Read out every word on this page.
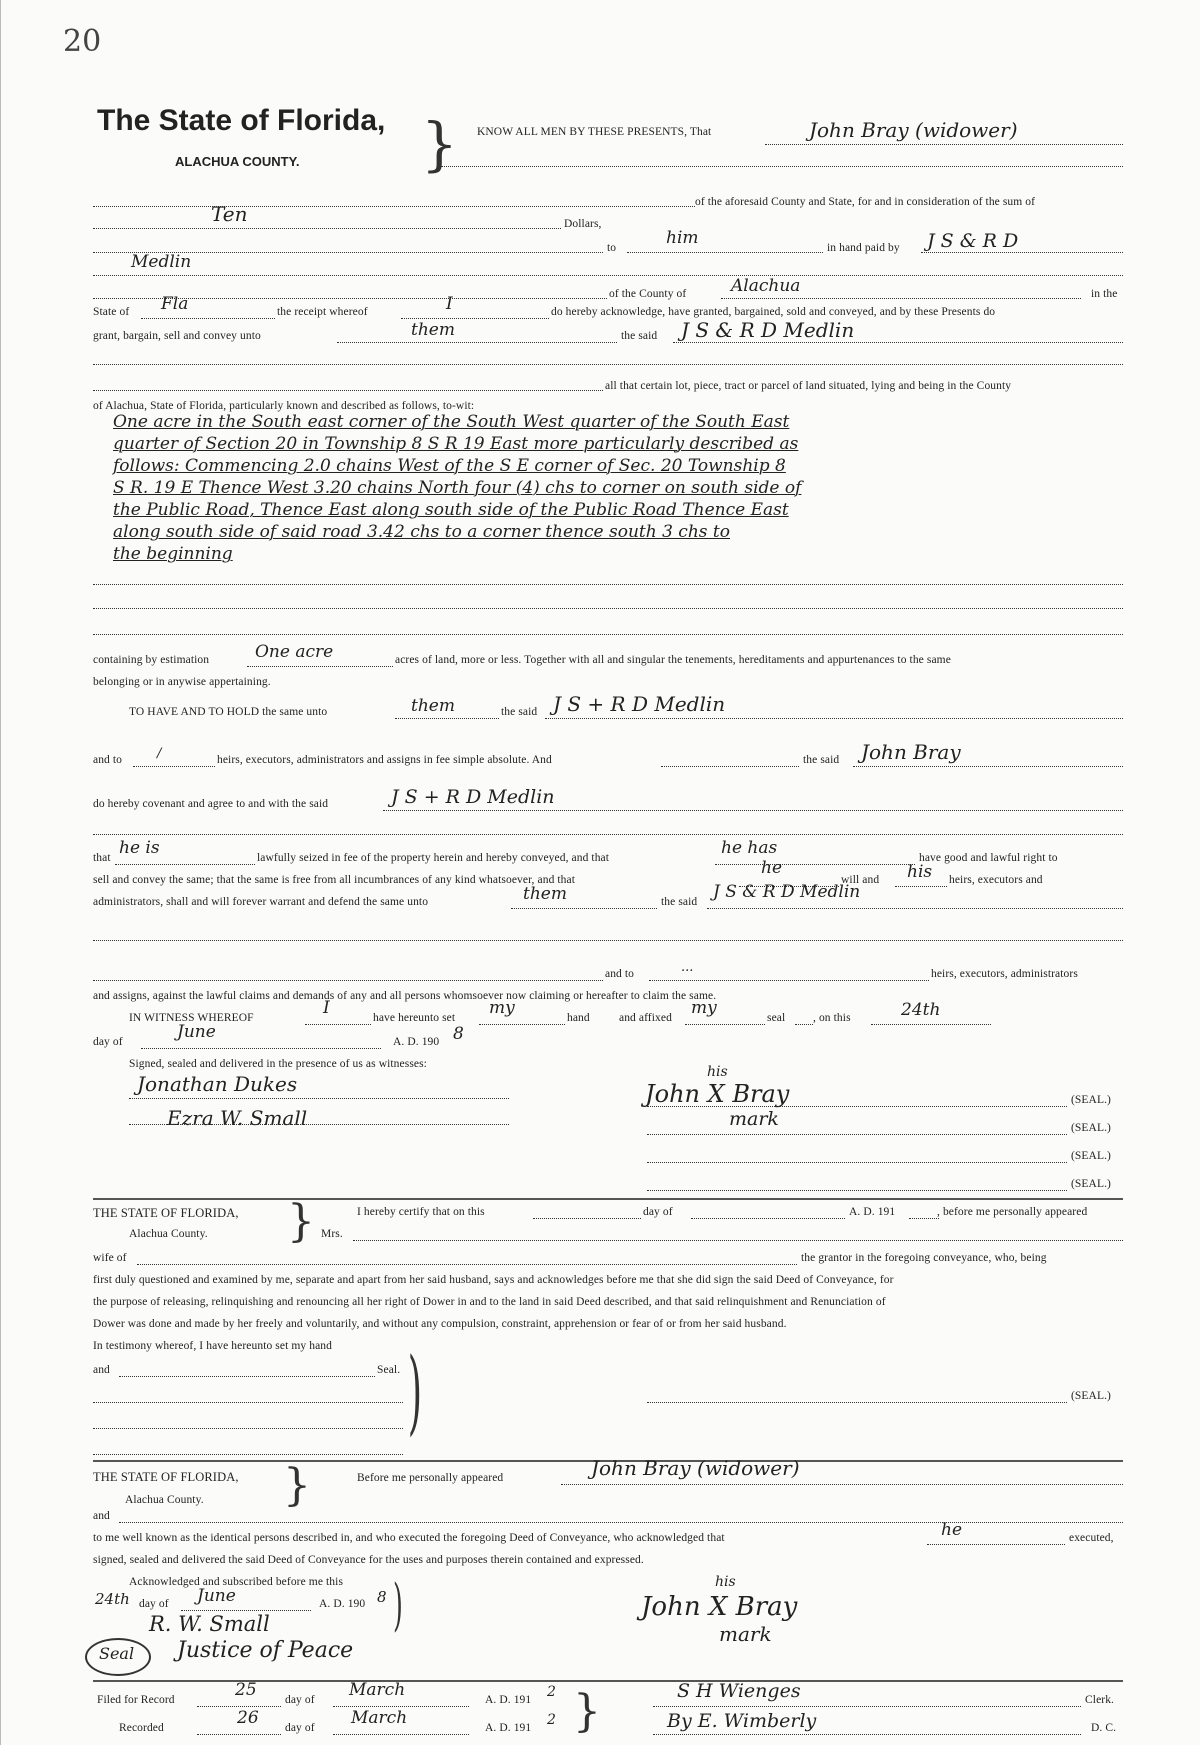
20
The State of Florida,
ALACHUA COUNTY. } KNOW ALL MEN BY THESE PRESENTS, That	John Bray (widower)
of the aforesaid County and State, for and in consideration of the sum of
Ten	Dollars,
to	him	in hand paid by J S & R D
Medlin
of the County of	Alachua	in the
State of Fla	the receipt whereof	I	do hereby acknowledge, have granted, bargained, sold and conveyed, and by these Presents do
grant, bargain, sell and convey unto	them	the said J S & R D Medlin
all that certain lot, piece, tract or parcel of land situated, lying and being in the County
of Alachua, State of Florida, particularly known and described as follows, to-wit:
One acre in the South east corner of the South West quarter of the South East
quarter of Section 20 in Township 8 S R 19 East more particularly described as
follows: Commencing 2.0 chains West of the S E corner of Sec. 20 Township 8
S R. 19 E Thence West 3.20 chains North four (4) chs to corner on south side of
the Public Road, Thence East along south side of the Public Road Thence East
along south side of said road 3.42 chs to a corner thence south 3 chs to
the beginning
containing by estimation	One acre	acres of land, more or less. Together with all and singular the tenements, hereditaments and appurtenances to the same
belonging or in anywise appertaining.
TO HAVE AND TO HOLD the same unto	them	the said J S + R D Medlin
and to	/	heirs, executors, administrators and assigns in fee simple absolute. And	the said John Bray
do hereby covenant and agree to and with the said	J S + R D Medlin
that he is	lawfully seized in fee of the property herein and hereby conveyed, and that	he has	have good and lawful right to
sell and convey the same; that the same is free from all incumbrances of any kind whatsoever, and that
he
will and his heirs, executors and
administrators, shall and will forever warrant and defend the same unto	them	the said J S & R D Medlin
and to	...	heirs, executors, administrators
and assigns, against the lawful claims and demands of any and all persons whomsoever now claiming or hereafter to claim the same.
IN WITNESS WHEREOF	I	have hereunto set my	hand	and affixed my	seal , on this	24th
day of	June	A. D. 190 8
Signed, sealed and delivered in the presence of us as witnesses:
Jonathan Dukes
Ezra W. Small
John X Bray
his
mark
(SEAL.)
(SEAL.)
(SEAL.)
(SEAL.)
THE STATE OF FLORIDA,
Alachua County. }	I hereby certify that on this	day of	A. D. 191	, before me personally appeared
Mrs.
wife of	the grantor in the foregoing conveyance, who, being
first duly questioned and examined by me, separate and apart from her said husband, says and acknowledges before me that she did sign the said Deed of Conveyance, for
the purpose of releasing, relinquishing and renouncing all her right of Dower in and to the land in said Deed described, and that said relinquishment and Renunciation of
Dower was done and made by her freely and voluntarily, and without any compulsion, constraint, apprehension or fear of or from her said husband.
In testimony whereof, I have hereunto set my hand
and	Seal. )	(SEAL.)
THE STATE OF FLORIDA,
Alachua County. }	Before me personally appeared	John Bray (widower)
and
to me well known as the identical persons described in, and who executed the foregoing Deed of Conveyance, who acknowledged that	he	executed,
signed, sealed and delivered the said Deed of Conveyance for the uses and purposes therein contained and expressed.
Acknowledged and subscribed before me this
24th day of June	A. D. 190 8 )
R. W. Small
Justice of Peace
Seal
John X Bray
his
mark
Filed for Record	25 day of March	A. D. 191 2 }
Recorded	26 day of March	A. D. 191 2
S H Wienges	Clerk.
By E. Wimberly	D. C.
